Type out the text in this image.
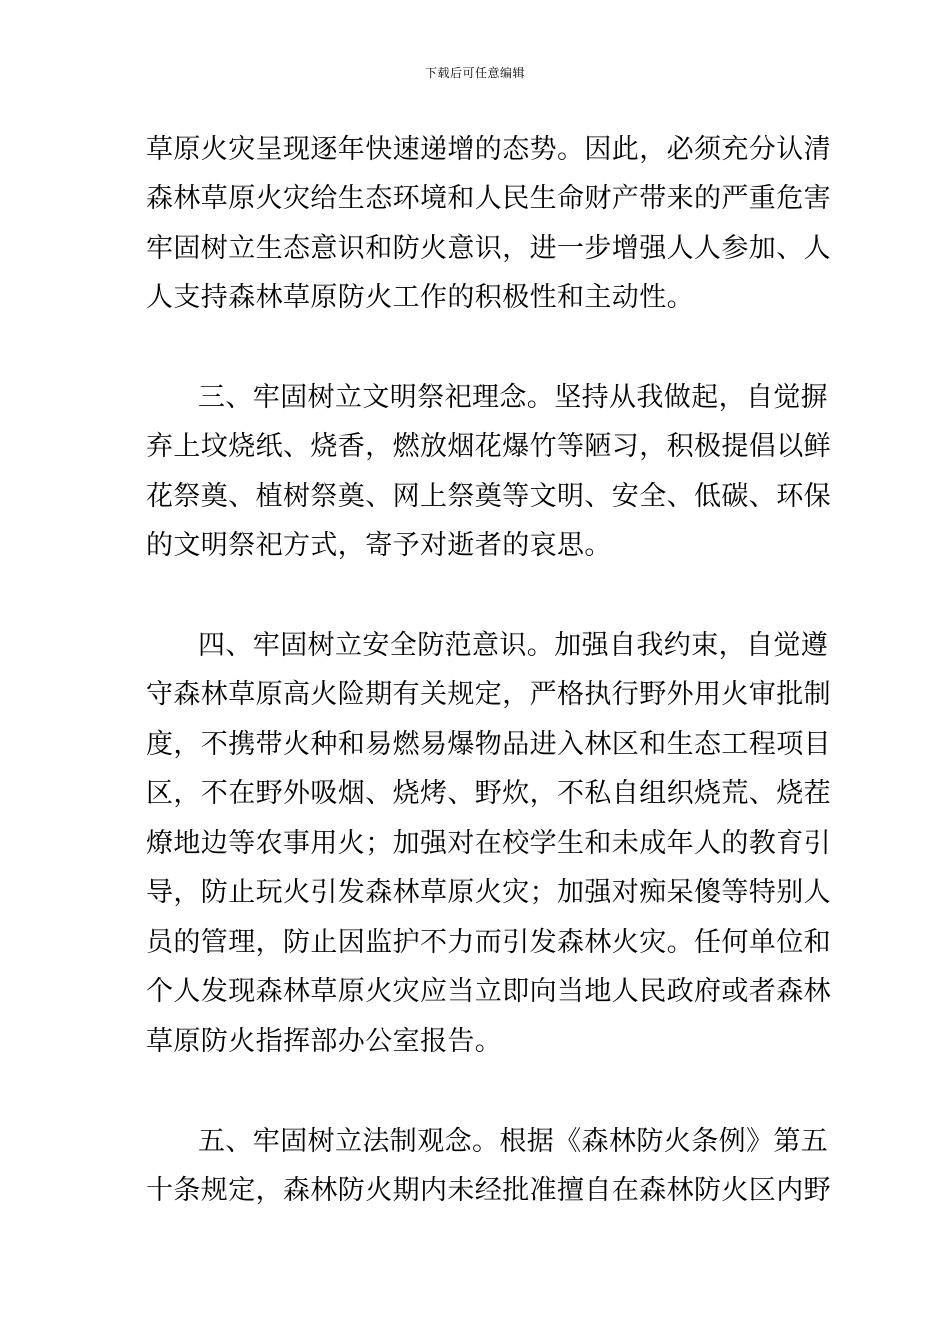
下载后可任意编辑
草原火灾呈现逐年快速递增的态势。因此，必须充分认清
森林草原火灾给生态环境和人民生命财产带来的严重危害
牢固树立生态意识和防火意识，进一步增强人人参加、人
人支持森林草原防火工作的积极性和主动性。
三、牢固树立文明祭祀理念。坚持从我做起，自觉摒
弃上坟烧纸、烧香，燃放烟花爆竹等陋习，积极提倡以鲜
花祭奠、植树祭奠、网上祭奠等文明、安全、低碳、环保
的文明祭祀方式，寄予对逝者的哀思。
四、牢固树立安全防范意识。加强自我约束，自觉遵
守森林草原高火险期有关规定，严格执行野外用火审批制
度，不携带火种和易燃易爆物品进入林区和生态工程项目
区，不在野外吸烟、烧烤、野炊，不私自组织烧荒、烧茬
燎地边等农事用火；加强对在校学生和未成年人的教育引
导，防止玩火引发森林草原火灾；加强对痴呆傻等特别人
员的管理，防止因监护不力而引发森林火灾。任何单位和
个人发现森林草原火灾应当立即向当地人民政府或者森林
草原防火指挥部办公室报告。
五、牢固树立法制观念。根据《森林防火条例》第五
十条规定，森林防火期内未经批准擅自在森林防火区内野
